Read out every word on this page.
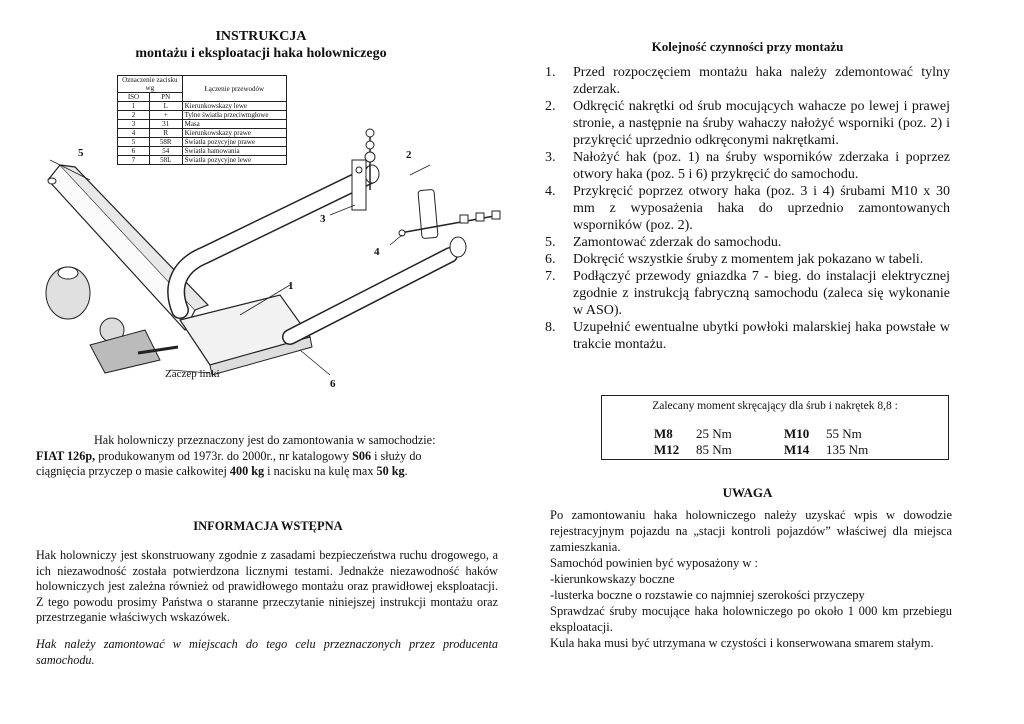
INSTRUKCJA
montażu i eksploatacji haka holowniczego
Oznaczenie zacisku wg		Łączenie przewodów
ISO	PN	
1	L	Kierunkowskazy lewe
2	+	Tylne światła przeciwmgłowe
3	31	Masa
4	R	Kierunkowskazy prawe
5	58R	Światła pozycyjne prawe
6	54	Światła hamowania
7	58L	Światła pozycyjne lewe
5	2
3
4
1
6
Zaczep linki
Hak holowniczy przeznaczony jest do zamontowania w samochodzie:
FIAT 126p, produkowanym od 1973r. do 2000r., nr katalogowy S06 i służy do
ciągnięcia przyczep o masie całkowitej 400 kg i nacisku na kulę max 50 kg.
INFORMACJA WSTĘPNA
Hak holowniczy jest skonstruowany zgodnie z zasadami bezpieczeństwa ruchu drogowego, a ich niezawodność została potwierdzona licznymi testami. Jednakże niezawodność haków holowniczych jest zależna również od prawidłowego montażu oraz prawidłowej eksploatacji. Z tego powodu prosimy Państwa o staranne przeczytanie niniejszej instrukcji montażu oraz przestrzeganie właściwych wskazówek.
Hak należy zamontować w miejscach do tego celu przeznaczonych przez producenta samochodu.
Kolejność czynności przy montażu
1. Przed rozpoczęciem montażu haka należy zdemontować tylny zderzak.
2. Odkręcić nakrętki od śrub mocujących wahacze po lewej i prawej stronie, a następnie na śruby wahaczy nałożyć wsporniki (poz. 2) i przykręcić uprzednio odkręconymi nakrętkami.
3. Nałożyć hak (poz. 1) na śruby wsporników zderzaka i poprzez otwory haka (poz. 5 i 6) przykręcić do samochodu.
4. Przykręcić poprzez otwory haka (poz. 3 i 4) śrubami M10 x 30 mm z wyposażenia haka do uprzednio zamontowanych wsporników (poz. 2).
5. Zamontować zderzak do samochodu.
6. Dokręcić wszystkie śruby z momentem jak pokazano w tabeli.
7. Podłączyć przewody gniazdka 7 - bieg. do instalacji elektrycznej zgodnie z instrukcją fabryczną samochodu (zaleca się wykonanie w ASO).
8. Uzupełnić ewentualne ubytki powłoki malarskiej haka powstałe w trakcie montażu.
Zalecany moment skręcający dla śrub i nakrętek 8,8 :
M8 25 Nm	M10 55 Nm
M12 85 Nm	M14 135 Nm
UWAGA
Po zamontowaniu haka holowniczego należy uzyskać wpis w dowodzie rejestracyjnym pojazdu na „stacji kontroli pojazdów” właściwej dla miejsca zamieszkania.
Samochód powinien być wyposażony w :
-kierunkowskazy boczne
-lusterka boczne o rozstawie co najmniej szerokości przyczepy
Sprawdzać śruby mocujące haka holowniczego po około 1 000 km przebiegu eksploatacji.
Kula haka musi być utrzymana w czystości i konserwowana smarem stałym.
